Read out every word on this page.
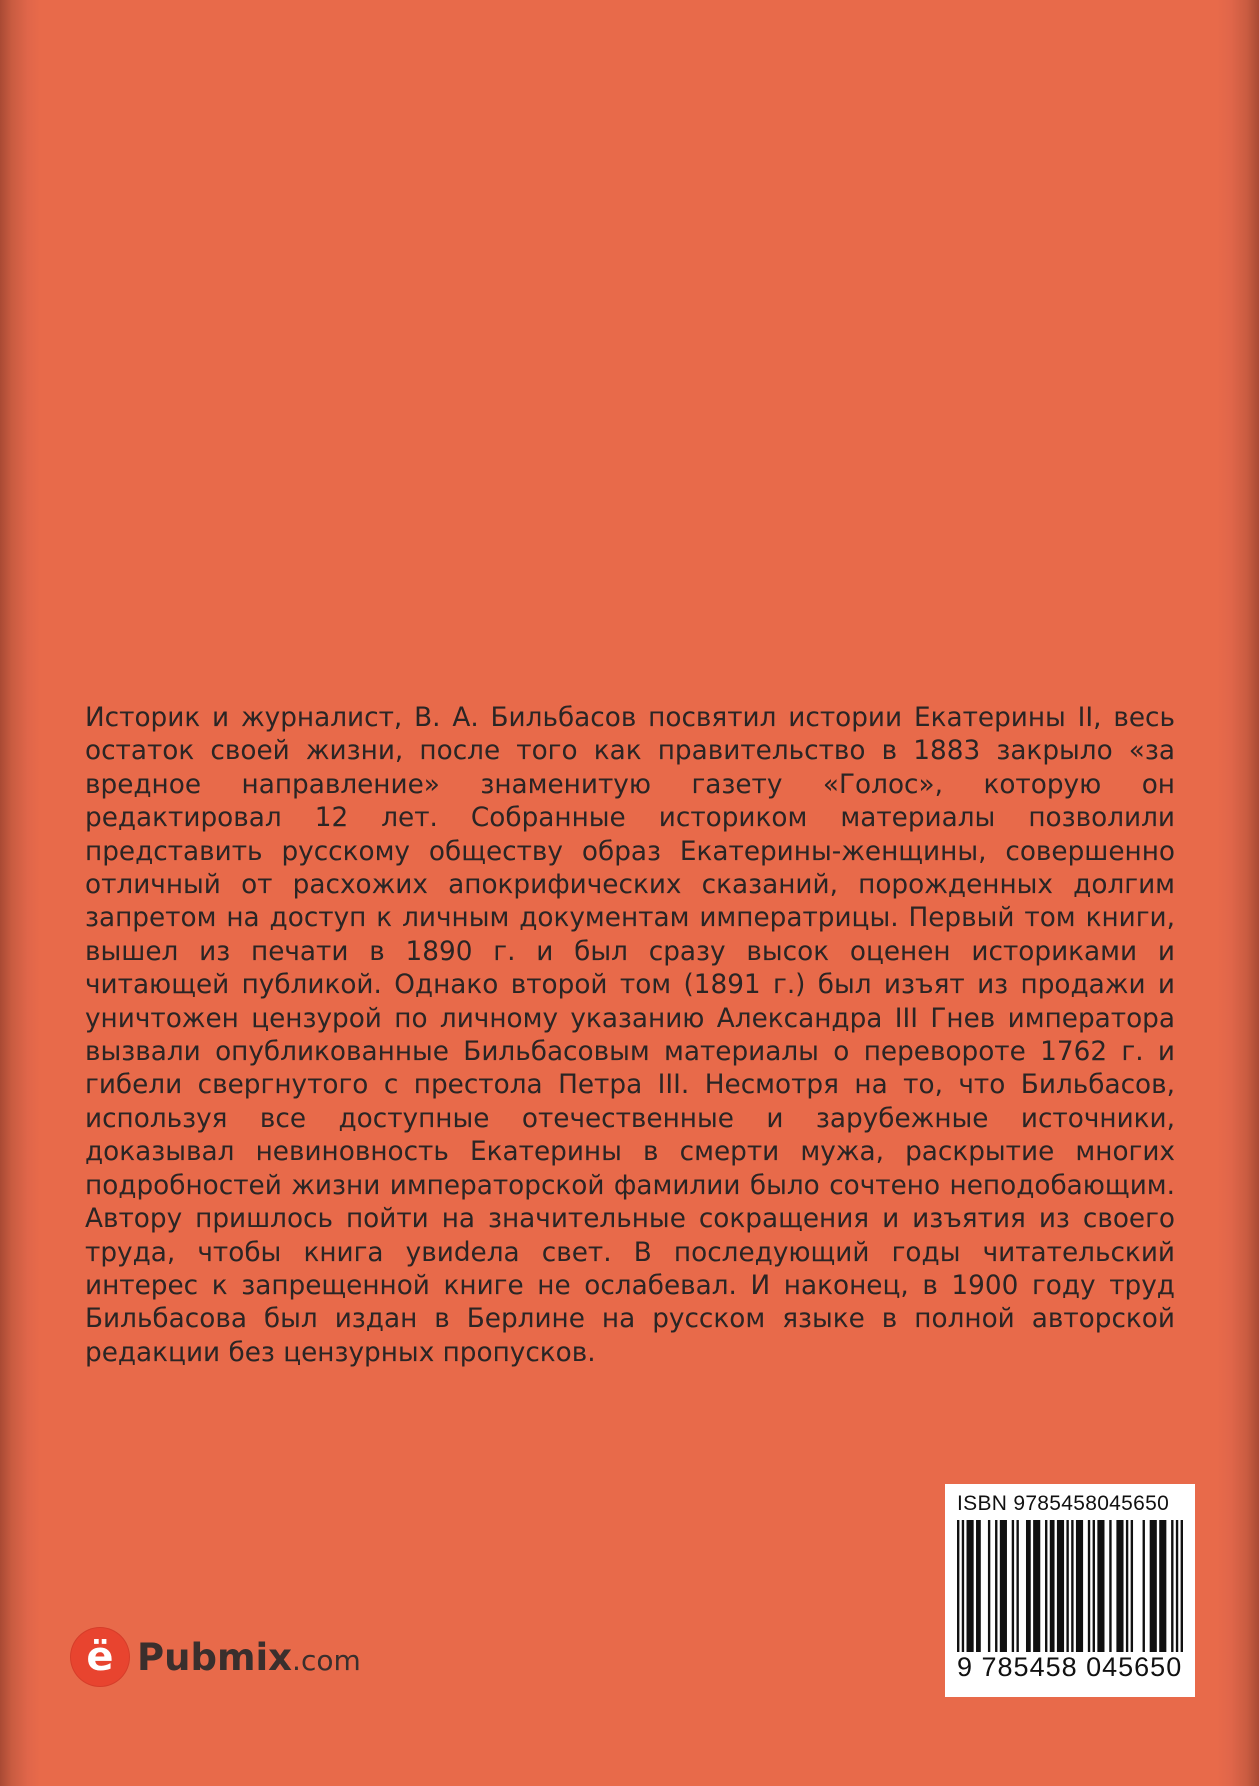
Историк и журналист, В. А. Бильбасов посвятил истории Екатерины II, весь остаток своей жизни, после того как правительство в 1883 закрыло «за вредное направление» знаменитую газету «Голос», которую он редактировал 12 лет. Собранные историком материалы позволили представить русскому обществу образ Екатерины-женщины, совершенно отличный от расхожих апокрифических сказаний, порожденных долгим запретом на доступ к личным документам императрицы. Первый том книги, вышел из печати в 1890 г. и был сразу высок оценен историками и читающей публикой. Однако второй том (1891 г.) был изъят из продажи и уничтожен цензурой по личному указанию Александра III Гнев императора вызвали опубликованные Бильбасовым материалы о перевороте 1762 г. и гибели свергнутого с престола Петра III. Несмотря на то, что Бильбасов, используя все доступные отечественные и зарубежные источники, доказывал невиновность Екатерины в смерти мужа, раскрытие многих подробностей жизни императорской фамилии было сочтено неподобающим. Автору пришлось пойти на значительные сокращения и изъятия из своего труда, чтобы книга увиdела свет. В последующий годы читательский интерес к запрещенной книге не ослабевал. И наконец, в 1900 году труд Бильбасова был издан в Берлине на русском языке в полной авторской редакции без цензурных пропусков.

ISBN 9785458045650
9 785458 045650
ё Pubmix .com
